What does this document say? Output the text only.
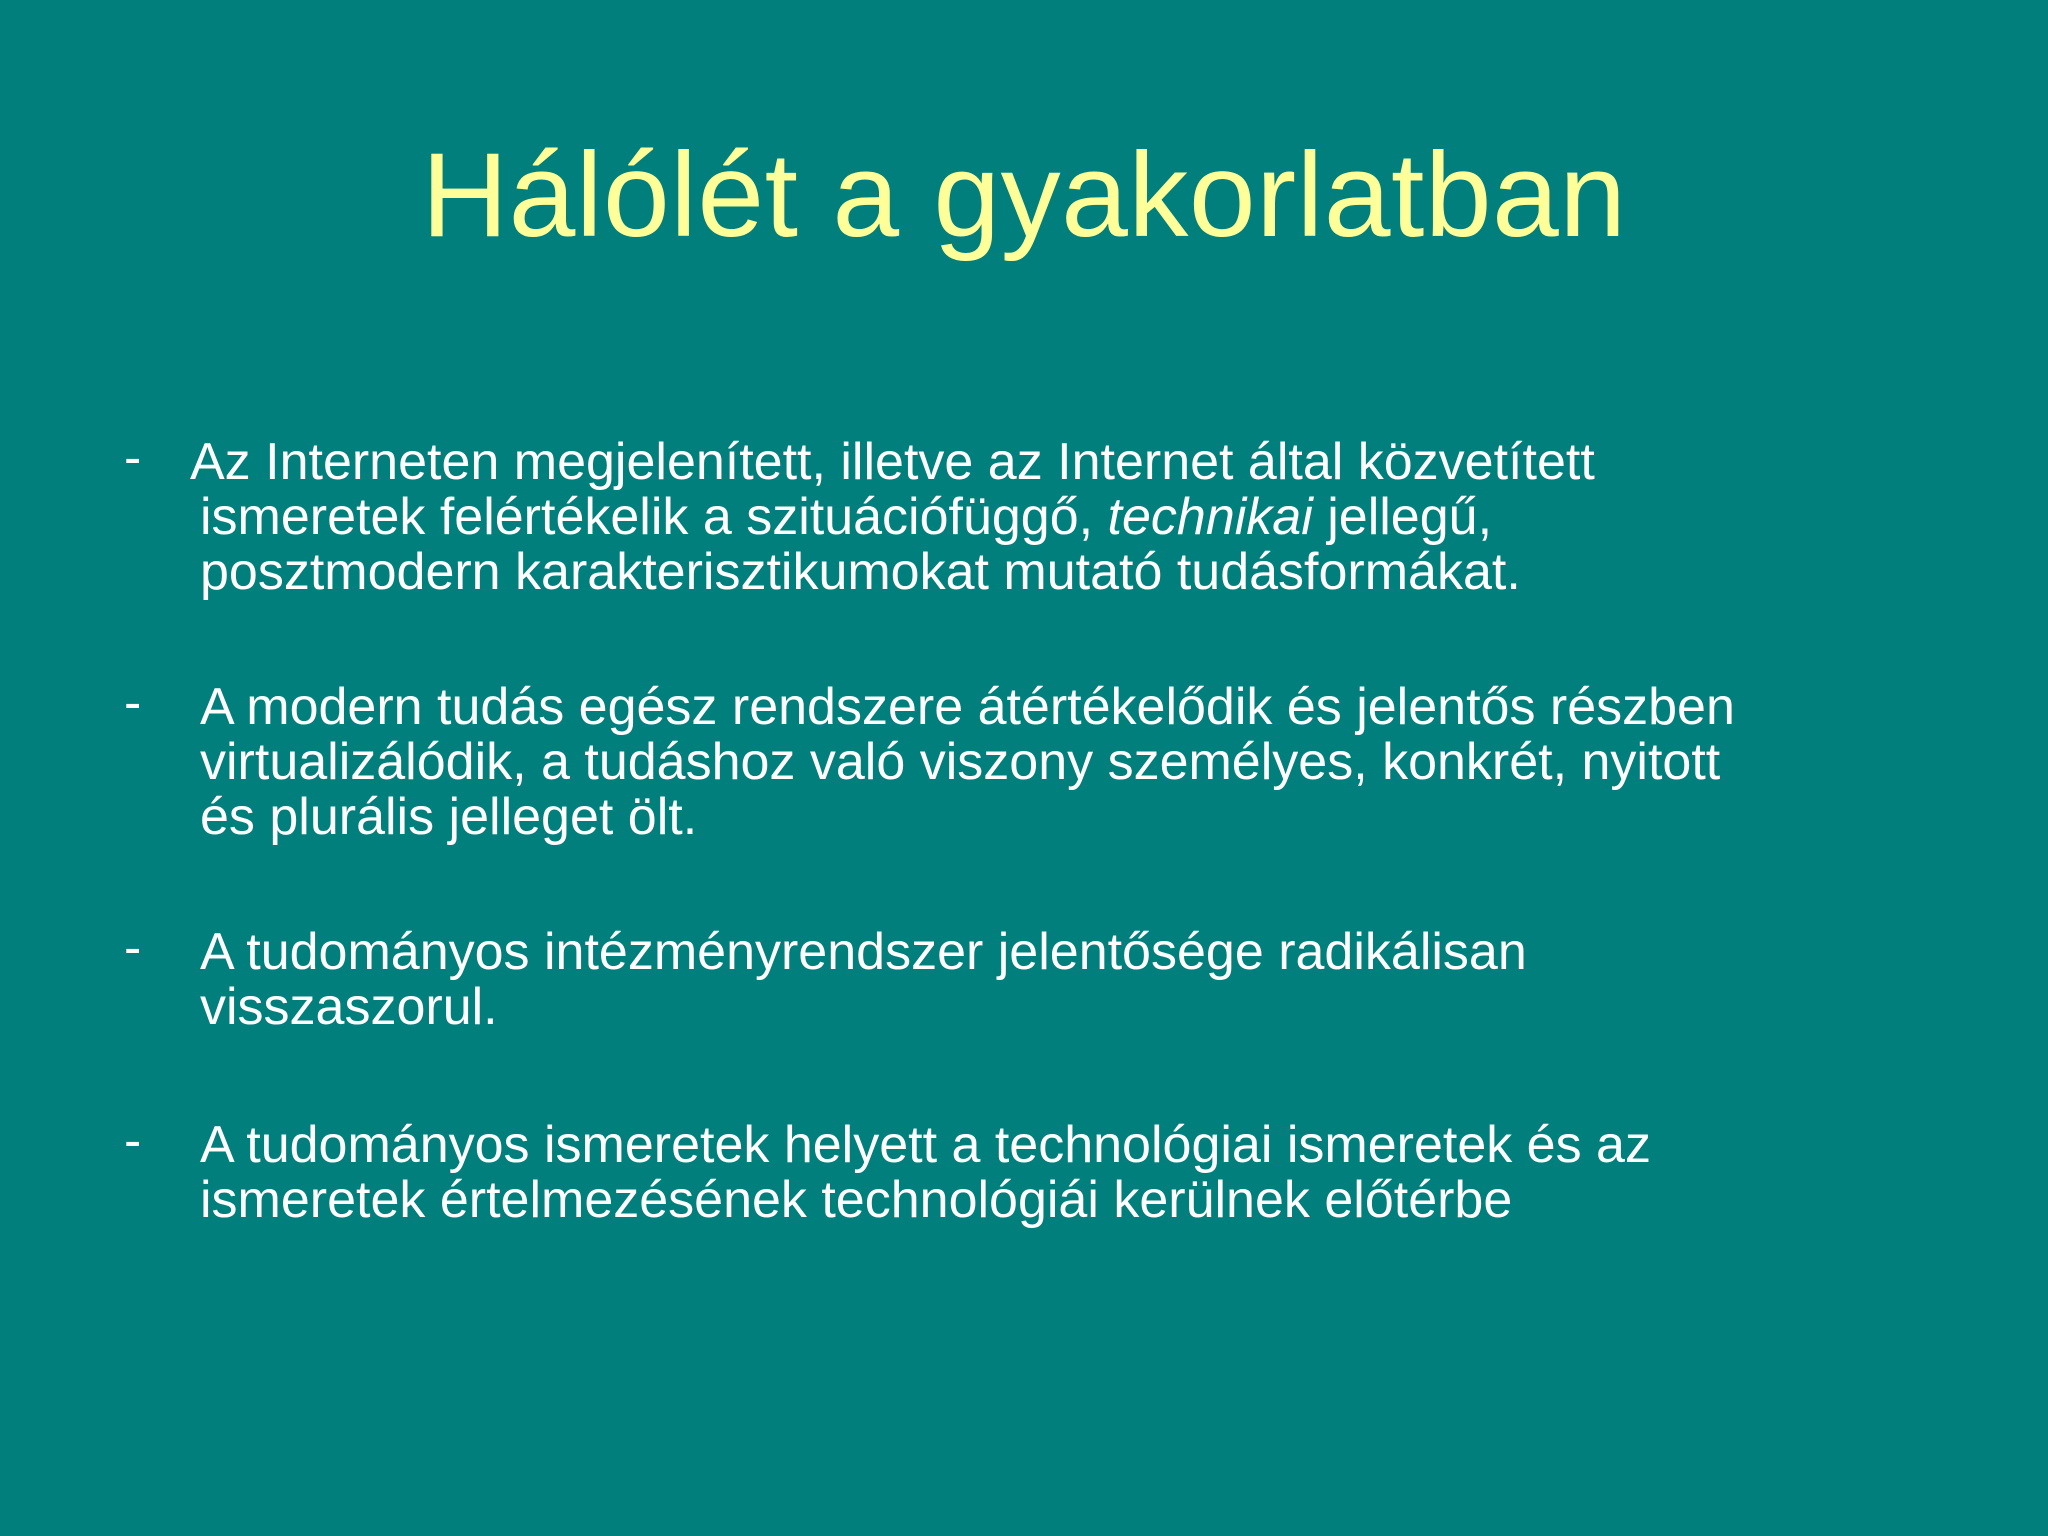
Hálólét a gyakorlatban
- Az Interneten megjelenített, illetve az Internet által közvetített
ismeretek felértékelik a szituációfüggő, technikai jellegű,
posztmodern karakterisztikumokat mutató tudásformákat.
- A modern tudás egész rendszere átértékelődik és jelentős részben
virtualizálódik, a tudáshoz való viszony személyes, konkrét, nyitott
és plurális jelleget ölt.
- A tudományos intézményrendszer jelentősége radikálisan
visszaszorul.
- A tudományos ismeretek helyett a technológiai ismeretek és az
ismeretek értelmezésének technológiái kerülnek előtérbe
